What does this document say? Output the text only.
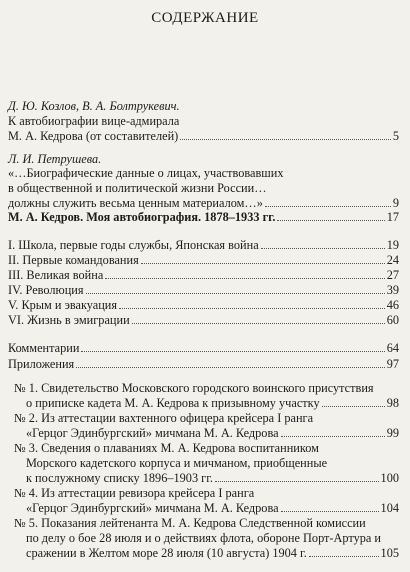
СОДЕРЖАНИЕ
Д. Ю. Козлов, В. А. Болтрукевич.
К автобиографии вице-адмирала
М. А. Кедрова (от составителей)	5
Л. И. Петрушева.
«…Биографические данные о лицах, участвовавших
в общественной и политической жизни России…
должны служить весьма ценным материалом…»	9
М. А. Кедров. Моя автобиография. 1878–1933 гг.	17
I. Школа, первые годы службы, Японская война	19
II. Первые командования	24
III. Великая война	27
IV. Революция	39
V. Крым и эвакуация	46
VI. Жизнь в эмиграции	60
Комментарии	64
Приложения	97
№ 1. Свидетельство Московского городского воинского присутствия
о приписке кадета М. А. Кедрова к призывному участку	98
№ 2. Из аттестации вахтенного офицера крейсера I ранга
«Герцог Эдинбургский» мичмана М. А. Кедрова	99
№ 3. Сведения о плаваниях М. А. Кедрова воспитанником
Морского кадетского корпуса и мичманом, приобщенные
к послужному списку 1896–1903 гг.	100
№ 4. Из аттестации ревизора крейсера I ранга
«Герцог Эдинбургский» мичмана М. А. Кедрова	104
№ 5. Показания лейтенанта М. А. Кедрова Следственной комиссии
по делу о бое 28 июля и о действиях флота, обороне Порт-Артура и
сражении в Желтом море 28 июля (10 августа) 1904 г.	105
